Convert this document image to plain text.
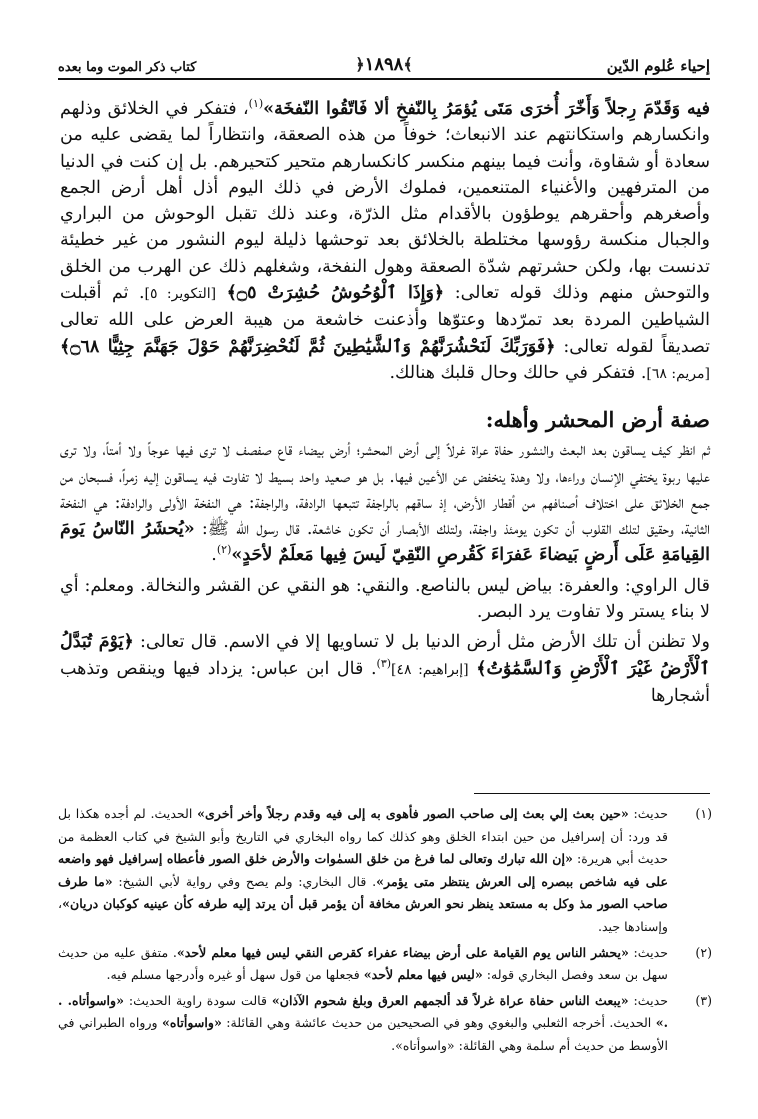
إحياء عُلوم الدّين
﴾١٨٩٨﴿
كتاب ذكر الموت وما بعده

فيه وَقَدّمَ رِجلاً وَأَخّرَ أُخرَى مَتَى يُؤمَرُ بِالنّفخِ ألا فَاتّقُوا النّفخَة»$^{(١)}$، فتفكر في الخلائق وذلهم وانكسارهم واستكانتهم عند الانبعاث؛ خوفاً من هذه الصعقة، وانتظاراً لما يقضى عليه من سعادة أو شقاوة، وأنت فيما بينهم منكسر كانكسارهم متحير كتحيرهم. بل إن كنت في الدنيا من المترفهين والأغنياء المتنعمين، فملوك الأرض في ذلك اليوم أذل أهل أرض الجمع وأصغرهم وأحقرهم يوطؤون بالأقدام مثل الذرّة، وعند ذلك تقبل الوحوش من البراري والجبال منكسة رؤوسها مختلطة بالخلائق بعد توحشها ذليلة ليوم النشور من غير خطيئة تدنست بها، ولكن حشرتهم شدّة الصعقة وهول النفخة، وشغلهم ذلك عن الهرب من الخلق والتوحش منهم وذلك قوله تعالى: ﴿وَإِذَا ٱلْوُحُوشُ حُشِرَتْ ۝٥﴾ [التكوير: ٥]. ثم أقبلت الشياطين المردة بعد تمرّدها وعتوّها وأذعنت خاشعة من هيبة العرض على الله تعالى تصديقاً لقوله تعالى: ﴿فَوَرَبِّكَ لَنَحْشُرَنَّهُمْ وَٱلشَّيَٰطِينَ ثُمَّ لَنُحْضِرَنَّهُمْ حَوْلَ جَهَنَّمَ جِثِيًّا ۝٦٨﴾ [مريم: ٦٨]. فتفكر في حالك وحال قلبك هنالك.

صفة أرض المحشر وأهله:

ثم انظر كيف يساقون بعد البعث والنشور حفاة عراة غرلاً إلى أرض المحشر؛ أرض بيضاء قاع صفصف لا ترى فيها عوجاً ولا أمتاً، ولا ترى عليها ربوة يختفي الإنسان وراءها، ولا وهدة ينخفض عن الأعين فيها. بل هو صعيد واحد بسيط لا تفاوت فيه يساقون إليه زمراً، فسبحان من جمع الخلائق على اختلاف أصنافهم من أقطار الأرض، إذ ساقهم بالراجفة تتبعها الرادفة، والراجفة: هي النفخة الأولى والرادفة: هي النفخة الثانية، وحقيق لتلك القلوب أن تكون يومئذ واجفة، ولتلك الأبصار أن تكون خاشعة. قال رسول الله ﷺ: «يُحشَرُ النّاسُ يَومَ القِيامَةِ عَلَى أَرضٍ بَيضاءَ عَفرَاءَ كَقُرصِ النّقِيّ لَيسَ فِيها مَعلَمٌ لأحَدٍ»$^{(٢)}$.

قال الراوي: والعفرة: بياض ليس بالناصع. والنقي: هو النقي عن القشر والنخالة. ومعلم: أي لا بناء يستر ولا تفاوت يرد البصر.

ولا تظنن أن تلك الأرض مثل أرض الدنيا بل لا تساويها إلا في الاسم. قال تعالى: ﴿يَوْمَ تُبَدَّلُ ٱلْأَرْضُ غَيْرَ ٱلْأَرْضِ وَٱلسَّمَٰوَٰتُ﴾ [إبراهيم: ٤٨]$^{(٣)}$. قال ابن عباس: يزداد فيها وينقص وتذهب أشجارها

(١)
حديث: «حين بعث إلي بعث إلى صاحب الصور فأهوى به إلى فيه وقدم رجلاً وأخر أخرى» الحديث. لم أجده هكذا بل قد ورد: أن إسرافيل من حين ابتداء الخلق وهو كذلك كما رواه البخاري في التاريخ وأبو الشيخ في كتاب العظمة من حديث أبي هريرة: «إن الله تبارك وتعالى لما فرغ من خلق السمٰوات والأرض خلق الصور فأعطاه إسرافيل فهو واضعه على فيه شاخص ببصره إلى العرش ينتظر متى يؤمر». قال البخاري: ولم يصح وفي رواية لأبي الشيخ: «ما طرف صاحب الصور مذ وكل به مستعد ينظر نحو العرش مخافة أن يؤمر قبل أن يرتد إليه طرفه كأن عينيه كوكبان دريان»، وإسنادها جيد.
(٢)
حديث: «يحشر الناس يوم القيامة على أرض بيضاء عفراء كقرص النقي ليس فيها معلم لأحد». متفق عليه من حديث سهل بن سعد وفصل البخاري قوله: «ليس فيها معلم لأحد» فجعلها من قول سهل أو غيره وأدرجها مسلم فيه.
(٣)
حديث: «يبعث الناس حفاة عراة غرلاً قد ألجمهم العرق وبلغ شحوم الآذان» قالت سودة راوية الحديث: «واسوأتاه. . .» الحديث. أخرجه الثعلبي والبغوي وهو في الصحيحين من حديث عائشة وهي القائلة: «واسوأتاه» ورواه الطبراني في الأوسط من حديث أم سلمة وهي القائلة: «واسوأتاه».
